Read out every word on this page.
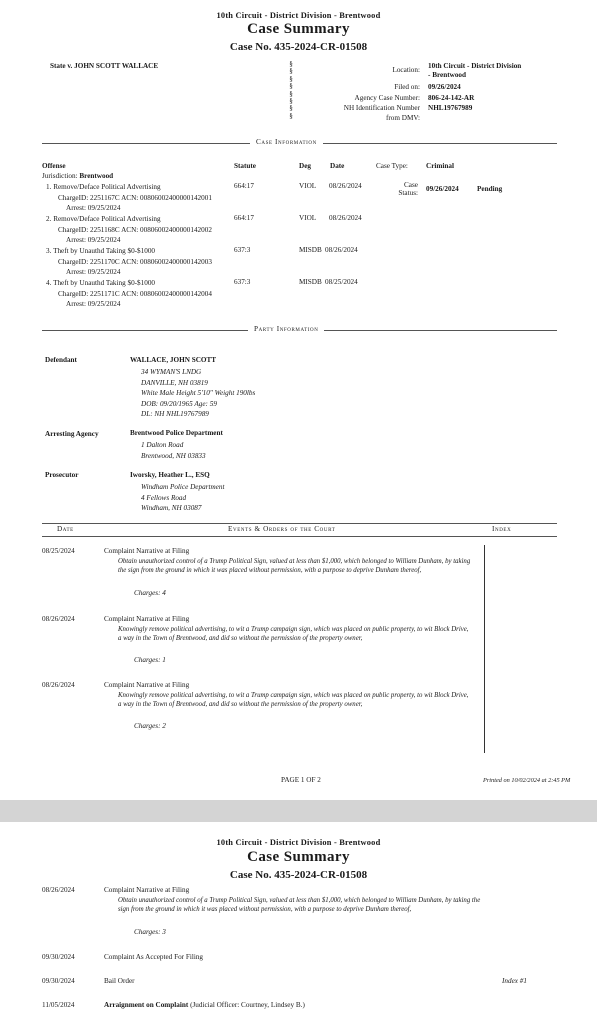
10th Circuit - District Division - Brentwood
Case Summary
Case No. 435-2024-CR-01508
State v. JOHN SCOTT WALLACE	§
§
§
§
§
§
§
§
Location: 10th Circuit - District Division
- Brentwood
Filed on: 09/26/2024
Agency Case Number: 806-24-142-AR
NH Identification Number NHL19767989
from DMV:
Case Information
Offense	Statute	Deg	Date	Case Type:	Criminal
Jurisdiction: Brentwood
Case
Status: 09/26/2024	Pending
1. Remove/Deface Political Advertising
ChargeID: 2251167C ACN: 0080600240000014200​1
Arrest: 09/25/2024
664:17	VIOL 08/26/2024
2. Remove/Deface Political Advertising
ChargeID: 2251168C ACN: 008060024000001420​02
Arrest: 09/25/2024
664:17	VIOL 08/26/2024
3. Theft by Unauthd Taking $0-$1000
ChargeID: 2251170C ACN: 008060024000001420​03
Arrest: 09/25/2024
637:3	MISDB 08/26/2024
4. Theft by Unauthd Taking $0-$1000
ChargeID: 2251171C ACN: 008060024000001420​04
Arrest: 09/25/2024
637:3	MISDB 08/25/2024
Party Information
Defendant	WALLACE, JOHN SCOTT
34 WYMAN'S LNDG
DANVILLE, NH 03819
White Male Height 5'10" Weight 190lbs
DOB: 09/20/1965 Age: 59
DL: NH NHL19767989
Arresting Agency	Brentwood Police Department
1 Dalton Road
Brentwood, NH 03833
Prosecutor	Iworsky, Heather L., ESQ
Windham Police Department
4 Fellows Road
Windham, NH 03087
Date	Events & Orders of the Court	Index
08/25/2024	Complaint Narrative at Filing
Obtain unauthorized control of a Trump Political Sign, valued at less than $1,000, which belonged to William Dunham, by taking the sign from the ground in which it was placed without permission, with a purpose to deprive Dunham thereof,
Charges: 4
08/26/2024	Complaint Narrative at Filing
Knowingly remove political advertising, to wit a Trump campaign sign, which was placed on public property, to wit Block Drive, a way in the Town of Brentwood, and did so without the permission of the property owner,
Charges: 1
08/26/2024	Complaint Narrative at Filing
Knowingly remove political advertising, to wit a Trump campaign sign, which was placed on public property, to wit Block Drive, a way in the Town of Brentwood, and did so without the permission of the property owner,
Charges: 2
PAGE 1 OF 2	Printed on 10/02/2024 at 2:45 PM
10th Circuit - District Division - Brentwood
Case Summary
Case No. 435-2024-CR-01508
08/26/2024	Complaint Narrative at Filing
Obtain unauthorized control of a Trump Political Sign, valued at less than $1,000, which belonged to William Dunham, by taking the sign from the ground in which it was placed without permission, with a purpose to deprive Dunham thereof,
Charges: 3
09/30/2024	Complaint As Accepted For Filing
09/30/2024	Bail Order	Index #1
11/05/2024	Arraignment on Complaint (Judicial Officer: Courtney, Lindsey B.)
